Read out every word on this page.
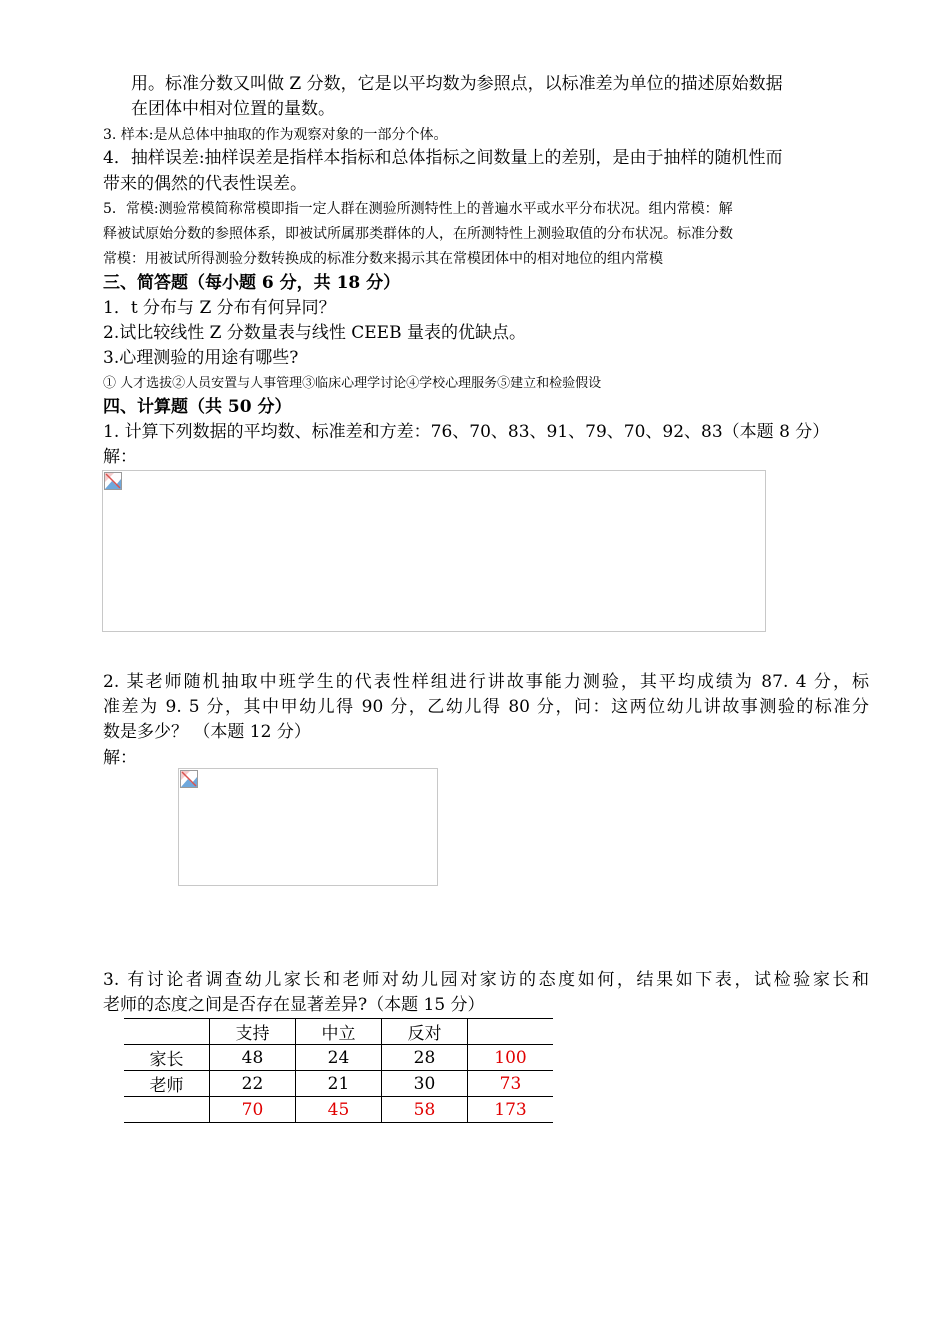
用。标准分数又叫做 Z 分数，它是以平均数为参照点，以标准差为单位的描述原始数据
在团体中相对位置的量数。
3. 样本:是从总体中抽取的作为观察对象的一部分个体。
4．抽样误差:抽样误差是指样本指标和总体指标之间数量上的差别，是由于抽样的随机性而
带来的偶然的代表性误差。
5．常模:测验常模简称常模即指一定人群在测验所测特性上的普遍水平或水平分布状况。组内常模：解
释被试原始分数的参照体系，即被试所属那类群体的人，在所测特性上测验取值的分布状况。标准分数
常模：用被试所得测验分数转换成的标准分数来揭示其在常模团体中的相对地位的组内常模
三、简答题（每小题 6 分，共 18 分）
1．t 分布与 Z 分布有何异同？
2.试比较线性 Z 分数量表与线性 CEEB 量表的优缺点。
3.心理测验的用途有哪些?
① 人才选拔②人员安置与人事管理③临床心理学讨论④学校心理服务⑤建立和检验假设
四、计算题（共 50 分）
1. 计算下列数据的平均数、标准差和方差：76、70、83、91、79、70、92、83（本题 8 分）
解：
2. 某老师随机抽取中班学生的代表性样组进行讲故事能力测验，其平均成绩为 87. 4 分，标
准差为 9. 5 分，其中甲幼儿得 90 分，乙幼儿得 80 分，问：这两位幼儿讲故事测验的标准分
数是多少？ （本题 12 分）
解：
3. 有讨论者调查幼儿家长和老师对幼儿园对家访的态度如何，结果如下表，试检验家长和
老师的态度之间是否存在显著差异?（本题 15 分）
	支持	中立	反对	
家长	48	24	28	100
老师	22	21	30	73
	70	45	58	173
